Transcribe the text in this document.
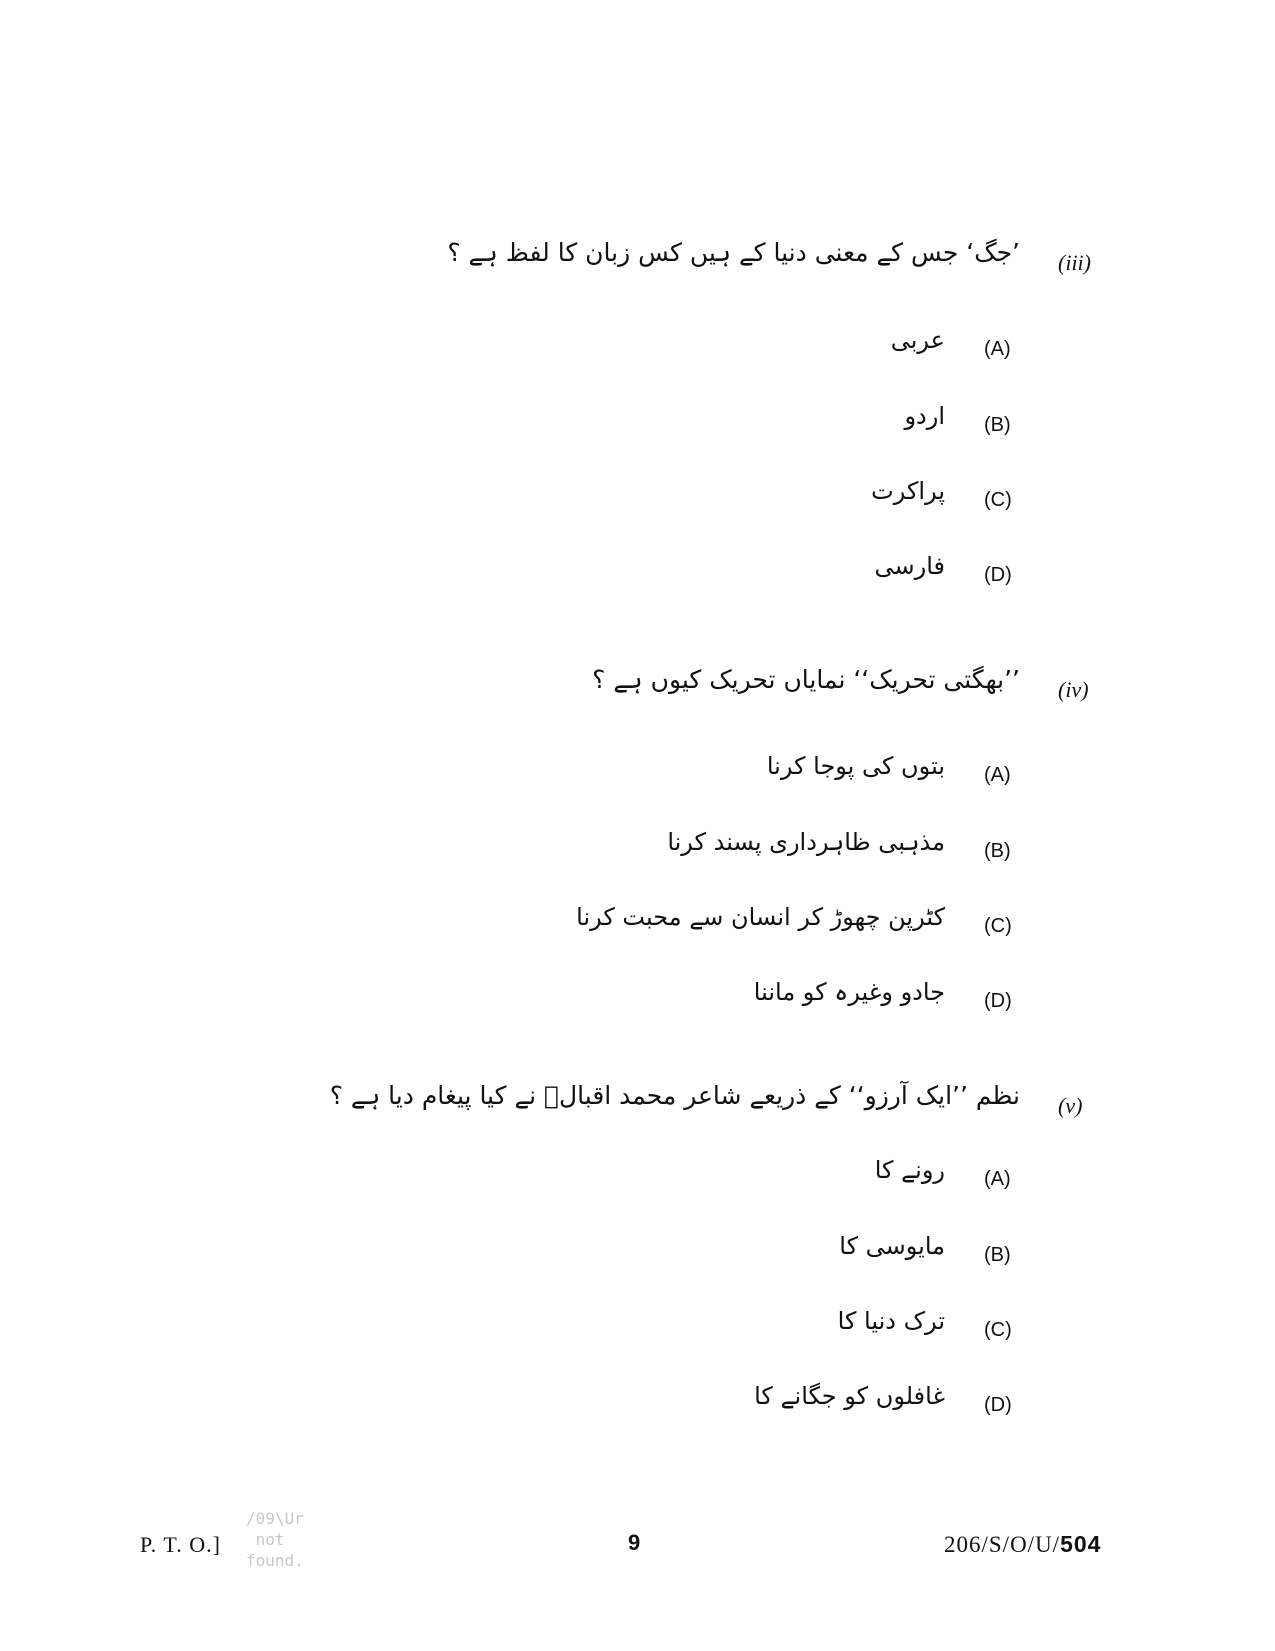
(iii)
’جگ‘ جس کے معنی دنیا کے ہیں کس زبان کا لفظ ہے ؟
(A)
عربی
(B)
اردو
(C)
پراکرت
(D)
فارسی
(iv)
’’بھگتی تحریک‘‘ نمایاں تحریک کیوں ہے ؟
(A)
بتوں کی پوجا کرنا
(B)
مذہبی ظاہرداری پسند کرنا
(C)
کٹرپن چھوڑ کر انسان سے محبت کرنا
(D)
جادو وغیرہ کو ماننا
(v)
نظم ’’ایک آرزو‘‘ کے ذریعے شاعر محمد اقبالؔ نے کیا پیغام دیا ہے ؟
(A)
رونے کا
(B)
مایوسی کا
(C)
ترک دنیا کا
(D)
غافلوں کو جگانے کا
P. T. O.]
/09\Ur
not
found.
9	206/S/O/U/504
